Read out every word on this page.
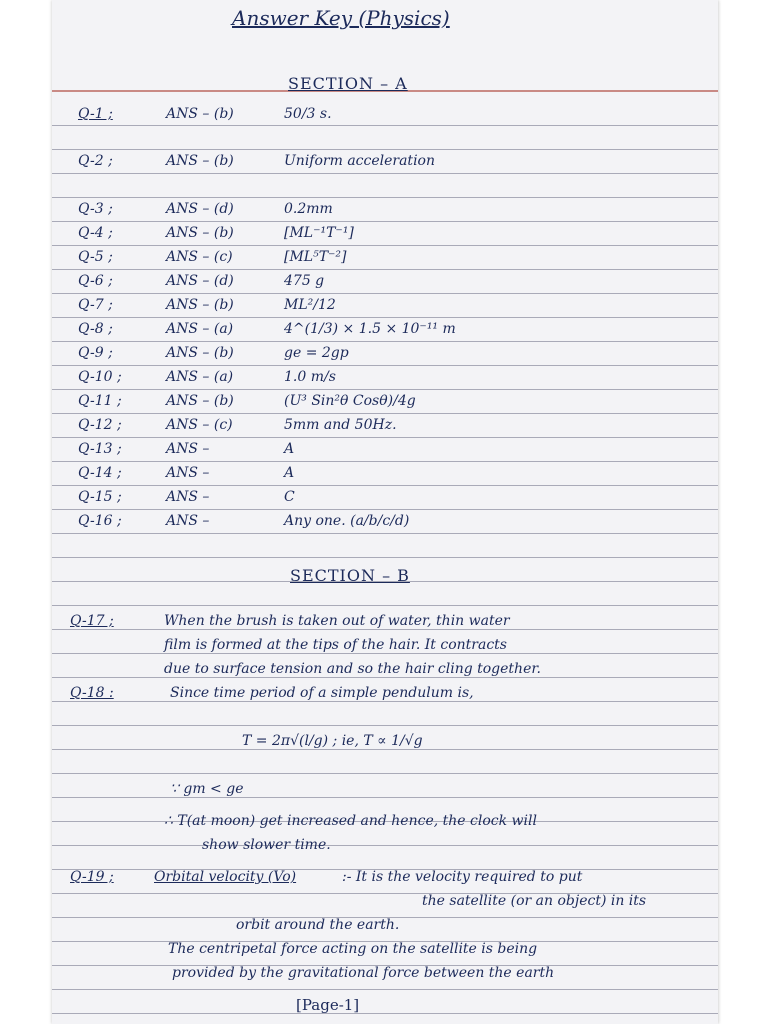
Answer Key (Physics)
SECTION – A
Q-1 ;	ANS – (b)	50/3 s.
Q-2 ;	ANS – (b)	Uniform acceleration
Q-3 ;	ANS – (d)	0.2mm
Q-4 ;	ANS – (b)	[ML⁻¹T⁻¹]
Q-5 ;	ANS – (c)	[ML⁵T⁻²]
Q-6 ;	ANS – (d)	475 g
Q-7 ;	ANS – (b)	ML²/12
Q-8 ;	ANS – (a)	4^(1/3) × 1.5 × 10⁻¹¹ m
Q-9 ;	ANS – (b)	ge = 2gp
Q-10 ;	ANS – (a)	1.0 m/s
Q-11 ;	ANS – (b)	(U³ Sin²θ Cosθ)/4g
Q-12 ;	ANS – (c)	5mm and 50Hz.
Q-13 ;	ANS –	A
Q-14 ;	ANS –	A
Q-15 ;	ANS –	C
Q-16 ;	ANS –	Any one. (a/b/c/d)
SECTION – B
Q-17 ;	When the brush is taken out of water, thin water
film is formed at the tips of the hair. It contracts
due to surface tension and so the hair cling together.
Q-18 :	Since time period of a simple pendulum is,
T = 2π√(l/g) ; ie, T ∝ 1/√g
∵ gm < ge
∴ T(at moon) get increased and hence, the clock will
show slower time.
Q-19 ;	Orbital velocity (Vo)	:- It is the velocity required to put
the satellite (or an object) in its
orbit around the earth.
The centripetal force acting on the satellite is being
provided by the gravitational force between the earth
[Page-1]
